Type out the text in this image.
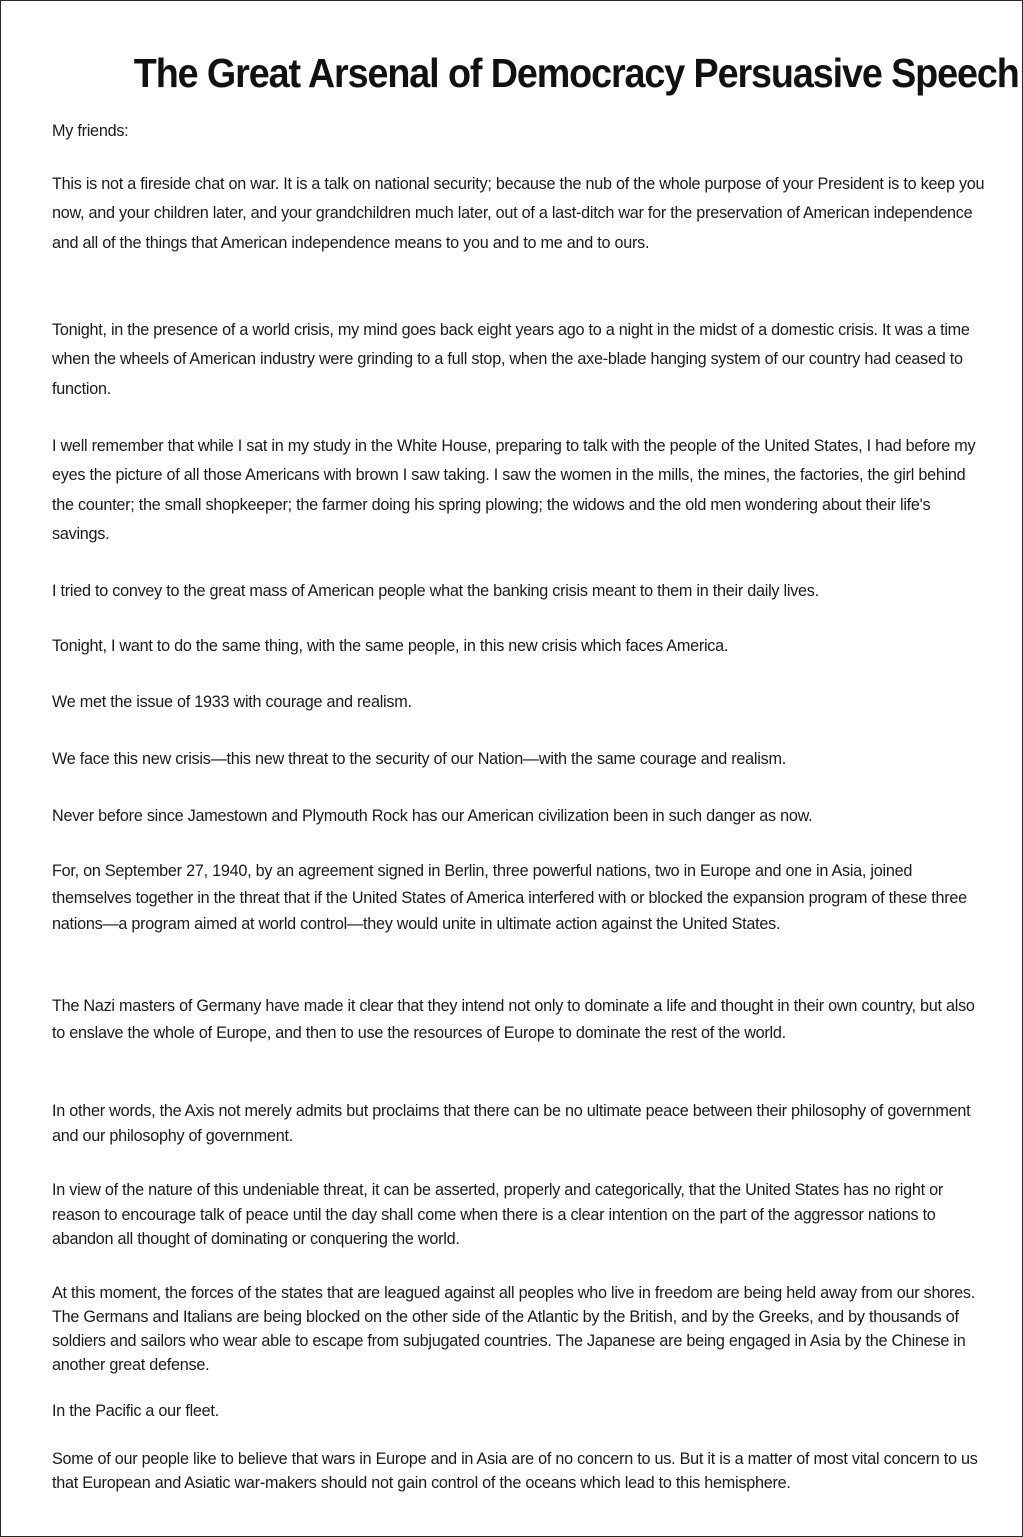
The Great Arsenal of Democracy Persuasive Speech

My friends:

This is not a fireside chat on war. It is a talk on national security; because the nub of the whole purpose of your President is to keep you now, and your children later, and your grandchildren much later, out of a last-ditch war for the preservation of American independence and all of the things that American independence means to you and to me and to ours.

Tonight, in the presence of a world crisis, my mind goes back eight years ago to a night in the midst of a domestic crisis. It was a time when the wheels of American industry were grinding to a full stop, when the axe-blade hanging system of our country had ceased to function.

I well remember that while I sat in my study in the White House, preparing to talk with the people of the United States, I had before my eyes the picture of all those Americans with brown I saw taking. I saw the women in the mills, the mines, the factories, the girl behind the counter; the small shopkeeper; the farmer doing his spring plowing; the widows and the old men wondering about their life's savings.

I tried to convey to the great mass of American people what the banking crisis meant to them in their daily lives.

Tonight, I want to do the same thing, with the same people, in this new crisis which faces America.

We met the issue of 1933 with courage and realism.

We face this new crisis—this new threat to the security of our Nation—with the same courage and realism.

Never before since Jamestown and Plymouth Rock has our American civilization been in such danger as now.

For, on September 27, 1940, by an agreement signed in Berlin, three powerful nations, two in Europe and one in Asia, joined themselves together in the threat that if the United States of America interfered with or blocked the expansion program of these three nations—a program aimed at world control—they would unite in ultimate action against the United States.

The Nazi masters of Germany have made it clear that they intend not only to dominate a life and thought in their own country, but also to enslave the whole of Europe, and then to use the resources of Europe to dominate the rest of the world.

In other words, the Axis not merely admits but proclaims that there can be no ultimate peace between their philosophy of government and our philosophy of government.

In view of the nature of this undeniable threat, it can be asserted, properly and categorically, that the United States has no right or reason to encourage talk of peace until the day shall come when there is a clear intention on the part of the aggressor nations to abandon all thought of dominating or conquering the world.

At this moment, the forces of the states that are leagued against all peoples who live in freedom are being held away from our shores. The Germans and Italians are being blocked on the other side of the Atlantic by the British, and by the Greeks, and by thousands of soldiers and sailors who wear able to escape from subjugated countries. The Japanese are being engaged in Asia by the Chinese in another great defense.

In the Pacific a our fleet.

Some of our people like to believe that wars in Europe and in Asia are of no concern to us. But it is a matter of most vital concern to us that European and Asiatic war-makers should not gain control of the oceans which lead to this hemisphere.
